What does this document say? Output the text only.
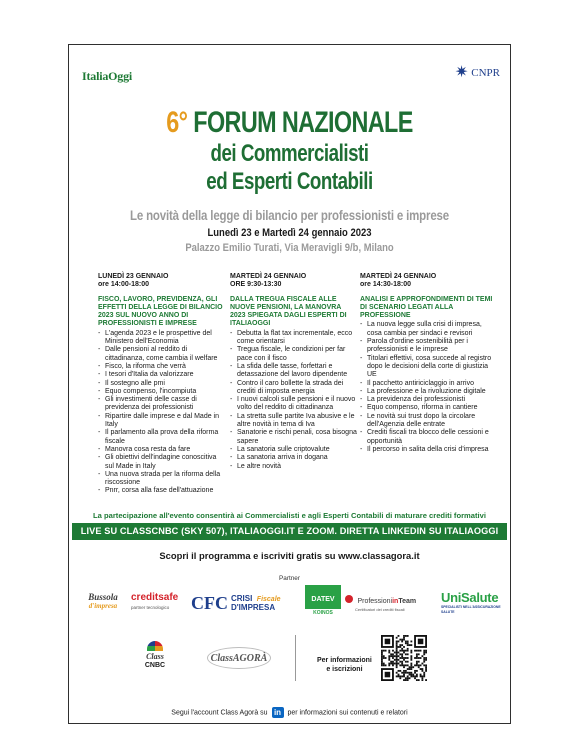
ItaliaOggi	✷ CNPR
6° FORUM NAZIONALE
dei Commercialisti
ed Esperti Contabili
Le novità della legge di bilancio per professionisti e imprese
Lunedì 23 e Martedì 24 gennaio 2023
Palazzo Emilio Turati, Via Meravigli 9/b, Milano
LUNEDÌ 23 GENNAIO
ore 14:00-18:00
FISCO, LAVORO, PREVIDENZA, GLI EFFETTI DELLA LEGGE DI BILANCIO 2023 SUL NUOVO ANNO DI PROFESSIONISTI E IMPRESE
- L'agenda 2023 e le prospettive del Ministero dell'Economia
- Dalle pensioni al reddito di cittadinanza, come cambia il welfare
- Fisco, la riforma che verrà
- I tesori d'Italia da valorizzare
- Il sostegno alle pmi
- Equo compenso, l'incompiuta
- Gli investimenti delle casse di previdenza dei professionisti
- Ripartire dalle imprese e dal Made in Italy
- Il parlamento alla prova della riforma fiscale
- Manovra cosa resta da fare
- Gli obiettivi dell'indagine conoscitiva sul Made in Italy
- Una nuova strada per la riforma della riscossione
- Pnrr, corsa alla fase dell'attuazione
MARTEDÌ 24 GENNAIO
ORE 9:30-13:30
DALLA TREGUA FISCALE ALLE NUOVE PENSIONI, LA MANOVRA 2023 SPIEGATA DAGLI ESPERTI DI ITALIAOGGI
- Debutta la flat tax incrementale, ecco come orientarsi
- Tregua fiscale, le condizioni per far pace con il fisco
- La sfida delle tasse, forfettari e detassazione del lavoro dipendente
- Contro il caro bollette la strada dei crediti di imposta energia
- I nuovi calcoli sulle pensioni e il nuovo volto del reddito di cittadinanza
- La stretta sulle partite Iva abusive e le altre novità in tema di Iva
- Sanatorie e rischi penali, cosa bisogna sapere
- La sanatoria sulle criptovalute
- La sanatoria arriva in dogana
- Le altre novità
MARTEDÌ 24 GENNAIO
ore 14:30-18:00
ANALISI E APPROFONDIMENTI DI TEMI DI SCENARIO LEGATI ALLA PROFESSIONE
- La nuova legge sulla crisi di impresa, cosa cambia per sindaci e revisori
- Parola d'ordine sostenibilità per i professionisti e le imprese
- Titolari effettivi, cosa succede al registro dopo le decisioni della corte di giustizia UE
- Il pacchetto antiriciclaggio in arrivo
- La professione e la rivoluzione digitale
- La previdenza dei professionisti
- Equo compenso, riforma in cantiere
- Le novità sui trust dopo la circolare dell'Agenzia delle entrate
- Crediti fiscali tra blocco delle cessioni e opportunità
- Il percorso in salita della crisi d'impresa
La partecipazione all'evento consentirà ai Commercialisti e agli Esperti Contabili di maturare crediti formativi
LIVE SU CLASSCNBC (SKY 507), ITALIAOGGI.IT E ZOOM. DIRETTA LINKEDIN SU ITALIAOGGI
Scopri il programma e iscriviti gratis su www.classagora.it
Partner
Bussola
d'impresa
creditsafe
partner tecnologico	CFC CRISI Fiscale
D'IMPRESA
DATEV
KOINOS
ProfessioniinTeam
Certificatori dei crediti fiscali
UniSalute
SPECIALISTI NELL'ASSICURAZIONE SALUTE
Class
CNBC
ClassAGORÀ	Per informazioni
e iscrizioni
Segui l'account Class Agorà su in per informazioni sui contenuti e relatori
